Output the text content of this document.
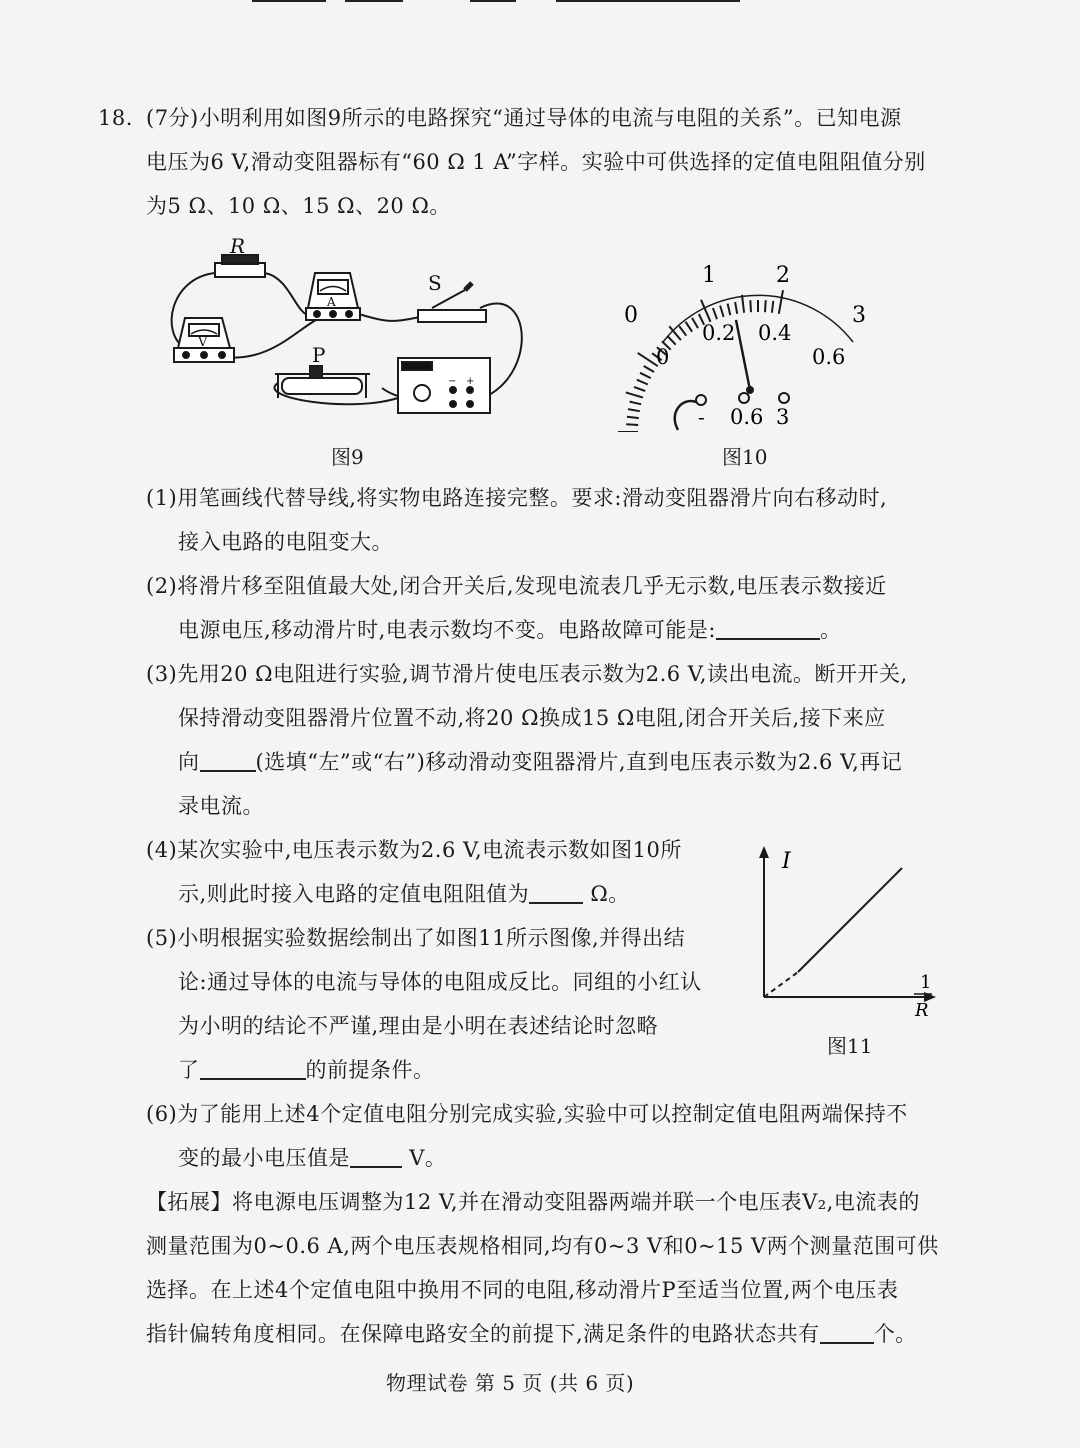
18. (7分)小明利用如图9所示的电路探究“通过导体的电流与电阻的关系”。已知电源
电压为6 V,滑动变阻器标有“60 Ω 1 A”字样。实验中可供选择的定值电阻阻值分别
为5 Ω、10 Ω、15 Ω、20 Ω。
R
A
V
S
P
− +
图9
0
1	2
3
0
0.2 0.4
0.6
- 0.6 3
图10
(1)用笔画线代替导线,将实物电路连接完整。要求:滑动变阻器滑片向右移动时,
接入电路的电阻变大。
(2)将滑片移至阻值最大处,闭合开关后,发现电流表几乎无示数,电压表示数接近
电源电压,移动滑片时,电表示数均不变。电路故障可能是:	。
(3)先用20 Ω电阻进行实验,调节滑片使电压表示数为2.6 V,读出电流。断开开关,
保持滑动变阻器滑片位置不动,将20 Ω换成15 Ω电阻,闭合开关后,接下来应
向	(选填“左”或“右”)移动滑动变阻器滑片,直到电压表示数为2.6 V,再记
录电流。
(4)某次实验中,电压表示数为2.6 V,电流表示数如图10所
示,则此时接入电路的定值电阻阻值为	Ω。
(5)小明根据实验数据绘制出了如图11所示图像,并得出结
论:通过导体的电流与导体的电阻成反比。同组的小红认
为小明的结论不严谨,理由是小明在表述结论时忽略
了	的前提条件。
I
1
R
图11
(6)为了能用上述4个定值电阻分别完成实验,实验中可以控制定值电阻两端保持不
变的最小电压值是	V。
【拓展】将电源电压调整为12 V,并在滑动变阻器两端并联一个电压表V₂,电流表的
测量范围为0~0.6 A,两个电压表规格相同,均有0~3 V和0~15 V两个测量范围可供
选择。在上述4个定值电阻中换用不同的电阻,移动滑片P至适当位置,两个电压表
指针偏转角度相同。在保障电路安全的前提下,满足条件的电路状态共有	个。
物理试卷 第 5 页 (共 6 页)
